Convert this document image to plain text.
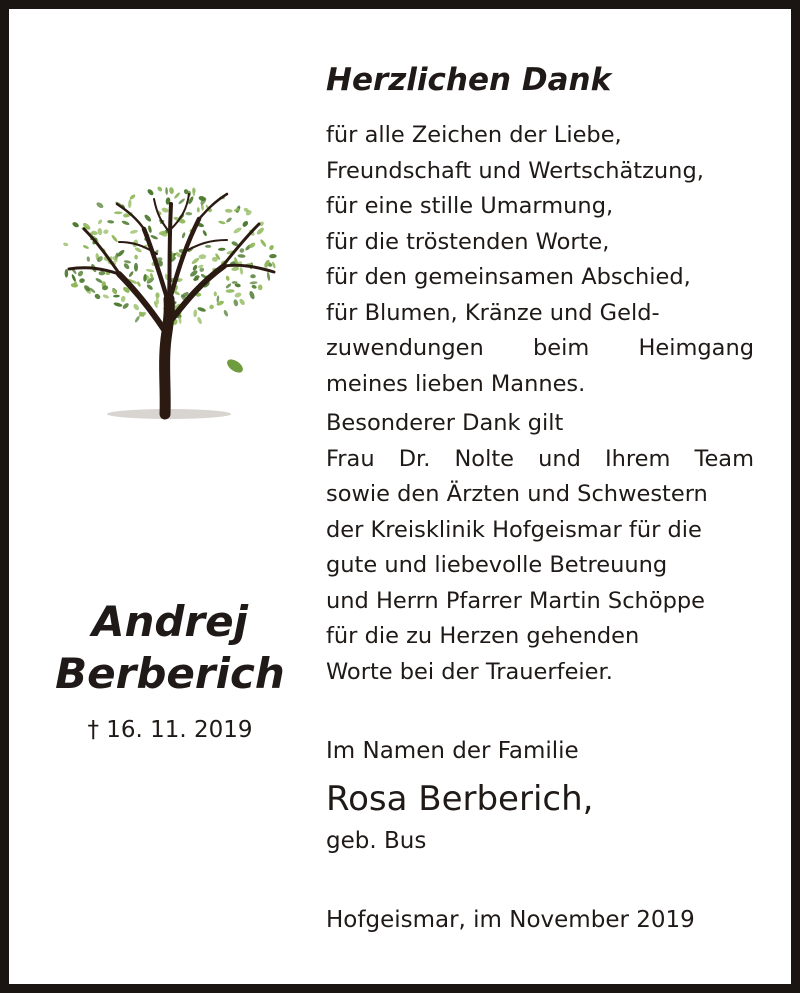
Andrej
Berberich
† 16. 11. 2019
Herzlichen Dank
für alle Zeichen der Liebe,
Freundschaft und Wertschätzung,
für eine stille Umarmung,
für die tröstenden Worte,
für den gemeinsamen Abschied,
für Blumen, Kränze und Geld-
zuwendungen beim Heimgang
meines lieben Mannes.
Besonderer Dank gilt
Frau Dr. Nolte und Ihrem Team
sowie den Ärzten und Schwestern
der Kreisklinik Hofgeismar für die
gute und liebevolle Betreuung
und Herrn Pfarrer Martin Schöppe
für die zu Herzen gehenden
Worte bei der Trauerfeier.
Im Namen der Familie
Rosa Berberich,
geb. Bus
Hofgeismar, im November 2019
